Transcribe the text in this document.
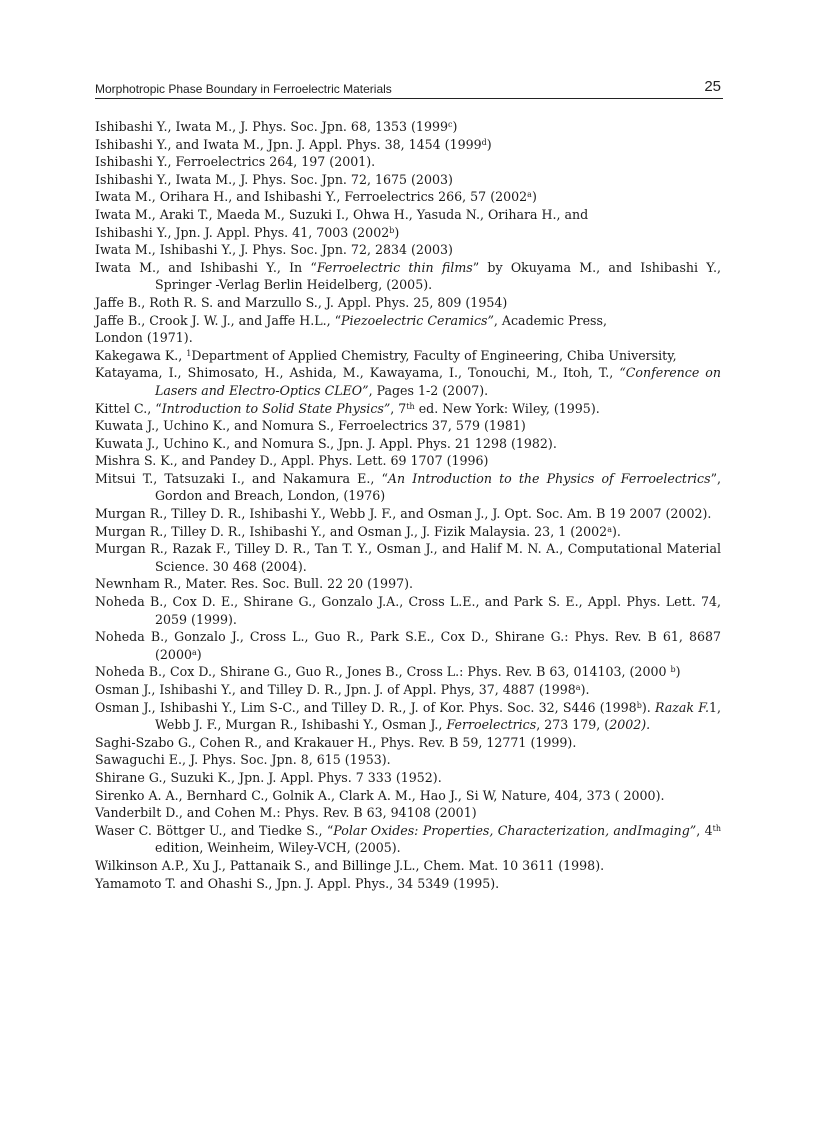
Morphotropic Phase Boundary in Ferroelectric Materials	25

Ishibashi Y., Iwata M., J. Phys. Soc. Jpn. 68, 1353 (1999$^c$)

Ishibashi Y., and Iwata M., Jpn. J. Appl. Phys. 38, 1454 (1999$^d$)

Ishibashi Y., Ferroelectrics 264, 197 (2001).

Ishibashi Y., Iwata M., J. Phys. Soc. Jpn. 72, 1675 (2003)

Iwata M., Orihara H., and Ishibashi Y., Ferroelectrics 266, 57 (2002$^a$)

Iwata M., Araki T., Maeda M., Suzuki I., Ohwa H., Yasuda N., Orihara H., and

Ishibashi Y., Jpn. J. Appl. Phys. 41, 7003 (2002$^b$)

Iwata M., Ishibashi Y., J. Phys. Soc. Jpn. 72, 2834 (2003)

Iwata M., and Ishibashi Y., In “Ferroelectric thin films” by Okuyama M., and Ishibashi Y., Springer -Verlag Berlin Heidelberg, (2005).

Jaffe B., Roth R. S. and Marzullo S., J. Appl. Phys. 25, 809 (1954)

Jaffe B., Crook J. W. J., and Jaffe H.L., “Piezoelectric Ceramics”, Academic Press,

London (1971).

Kakegawa K., $^1$Department of Applied Chemistry, Faculty of Engineering, Chiba University,

Katayama, I., Shimosato, H., Ashida, M., Kawayama, I., Tonouchi, M., Itoh, T., “Conference on Lasers and Electro-Optics CLEO”, Pages 1-2 (2007).

Kittel C., “Introduction to Solid State Physics”, 7th ed. New York: Wiley, (1995).

Kuwata J., Uchino K., and Nomura S., Ferroelectrics 37, 579 (1981)

Kuwata J., Uchino K., and Nomura S., Jpn. J. Appl. Phys. 21 1298 (1982).

Mishra S. K., and Pandey D., Appl. Phys. Lett. 69 1707 (1996)

Mitsui T., Tatsuzaki I., and Nakamura E., “An Introduction to the Physics of Ferroelectrics”, Gordon and Breach, London, (1976)

Murgan R., Tilley D. R., Ishibashi Y., Webb J. F., and Osman J., J. Opt. Soc. Am. B 19 2007 (2002).

Murgan R., Tilley D. R., Ishibashi Y., and Osman J., J. Fizik Malaysia. 23, 1 (2002$^a$).

Murgan R., Razak F., Tilley D. R., Tan T. Y., Osman J., and Halif M. N. A., Computational Material Science. 30 468 (2004).

Newnham R., Mater. Res. Soc. Bull. 22 20 (1997).

Noheda B., Cox D. E., Shirane G., Gonzalo J.A., Cross L.E., and Park S. E., Appl. Phys. Lett. 74, 2059 (1999).

Noheda B., Gonzalo J., Cross L., Guo R., Park S.E., Cox D., Shirane G.: Phys. Rev. B 61, 8687 (2000$^a$)

Noheda B., Cox D., Shirane G., Guo R., Jones B., Cross L.: Phys. Rev. B 63, 014103, (2000 $^b$)

Osman J., Ishibashi Y., and Tilley D. R., Jpn. J. of Appl. Phys, 37, 4887 (1998$^a$).

Osman J., Ishibashi Y., Lim S-C., and Tilley D. R., J. of Kor. Phys. Soc. 32, S446 (1998$^b$). Razak F.1, Webb J. F., Murgan R., Ishibashi Y., Osman J., Ferroelectrics, 273 179, (2002).

Saghi-Szabo G., Cohen R., and Krakauer H., Phys. Rev. B 59, 12771 (1999).

Sawaguchi E., J. Phys. Soc. Jpn. 8, 615 (1953).

Shirane G., Suzuki K., Jpn. J. Appl. Phys. 7 333 (1952).

Sirenko A. A., Bernhard C., Golnik A., Clark A. M., Hao J., Si W, Nature, 404, 373 ( 2000).

Vanderbilt D., and Cohen M.: Phys. Rev. B 63, 94108 (2001)

Waser C. Böttger U., and Tiedke S., “Polar Oxides: Properties, Characterization, andImaging”, 4th edition, Weinheim, Wiley-VCH, (2005).

Wilkinson A.P., Xu J., Pattanaik S., and Billinge J.L., Chem. Mat. 10 3611 (1998).

Yamamoto T. and Ohashi S., Jpn. J. Appl. Phys., 34 5349 (1995).
